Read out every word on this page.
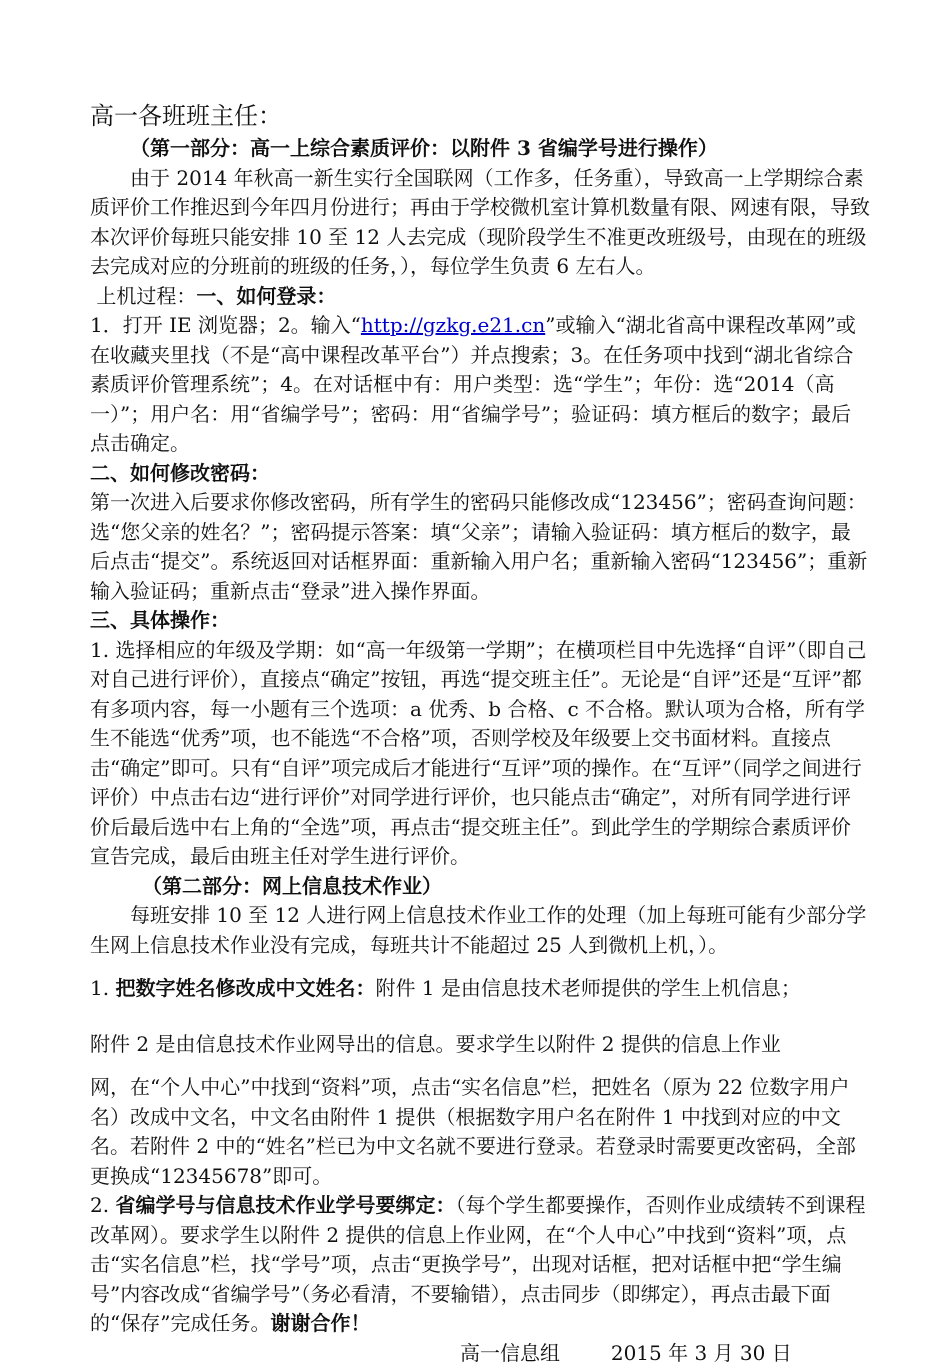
高一各班班主任：

（第一部分：高一上综合素质评价：以附件 3 省编学号进行操作）

由于 2014 年秋高一新生实行全国联网（工作多，任务重），导致高一上学期综合素质评价工作推迟到今年四月份进行；再由于学校微机室计算机数量有限、网速有限，导致本次评价每班只能安排 10 至 12 人去完成（现阶段学生不准更改班级号，由现在的班级去完成对应的分班前的班级的任务，），每位学生负责 6 左右人。

上机过程：一、如何登录：

1．打开 IE 浏览器；2。输入“http://gzkg.e21.cn”或输入“湖北省高中课程改革网”或在收藏夹里找（不是“高中课程改革平台”）并点搜索；3。在任务项中找到“湖北省综合素质评价管理系统”；4。在对话框中有：用户类型：选“学生”；年份：选“2014（高一）”；用户名：用“省编学号”；密码：用“省编学号”；验证码：填方框后的数字；最后点击确定。

二、如何修改密码：

第一次进入后要求你修改密码，所有学生的密码只能修改成“123456”；密码查询问题：选“您父亲的姓名？”；密码提示答案：填“父亲”；请输入验证码：填方框后的数字，最后点击“提交”。系统返回对话框界面：重新输入用户名；重新输入密码“123456”；重新输入验证码；重新点击“登录”进入操作界面。

三、具体操作：

1. 选择相应的年级及学期：如“高一年级第一学期”；在横项栏目中先选择“自评”（即自己对自己进行评价），直接点“确定”按钮，再选“提交班主任”。无论是“自评”还是“互评”都有多项内容，每一小题有三个选项：a 优秀、b 合格、c 不合格。默认项为合格，所有学生不能选“优秀”项，也不能选“不合格”项，否则学校及年级要上交书面材料。直接点击“确定”即可。只有“自评”项完成后才能进行“互评”项的操作。在“互评”（同学之间进行评价）中点击右边“进行评价”对同学进行评价，也只能点击“确定”，对所有同学进行评价后最后选中右上角的“全选”项，再点击“提交班主任”。到此学生的学期综合素质评价宣告完成，最后由班主任对学生进行评价。

（第二部分：网上信息技术作业）

每班安排 10 至 12 人进行网上信息技术作业工作的处理（加上每班可能有少部分学生网上信息技术作业没有完成，每班共计不能超过 25 人到微机上机，）。

1. 把数字姓名修改成中文姓名：附件 1 是由信息技术老师提供的学生上机信息；

附件 2 是由信息技术作业网导出的信息。要求学生以附件 2 提供的信息上作业

网，在“个人中心”中找到“资料”项，点击“实名信息”栏，把姓名（原为 22 位数字用户名）改成中文名，中文名由附件 1 提供（根据数字用户名在附件 1 中找到对应的中文名。若附件 2 中的“姓名”栏已为中文名就不要进行登录。若登录时需要更改密码，全部更换成“12345678”即可。

2. 省编学号与信息技术作业学号要绑定：（每个学生都要操作，否则作业成绩转不到课程改革网）。要求学生以附件 2 提供的信息上作业网，在“个人中心”中找到“资料”项，点击“实名信息”栏，找“学号”项，点击“更换学号”，出现对话框，把对话框中把“学生编号”内容改成“省编学号”（务必看清，不要输错），点击同步（即绑定），再点击最下面的“保存”完成任务。谢谢合作！

高一信息组	2015 年 3 月 30 日
